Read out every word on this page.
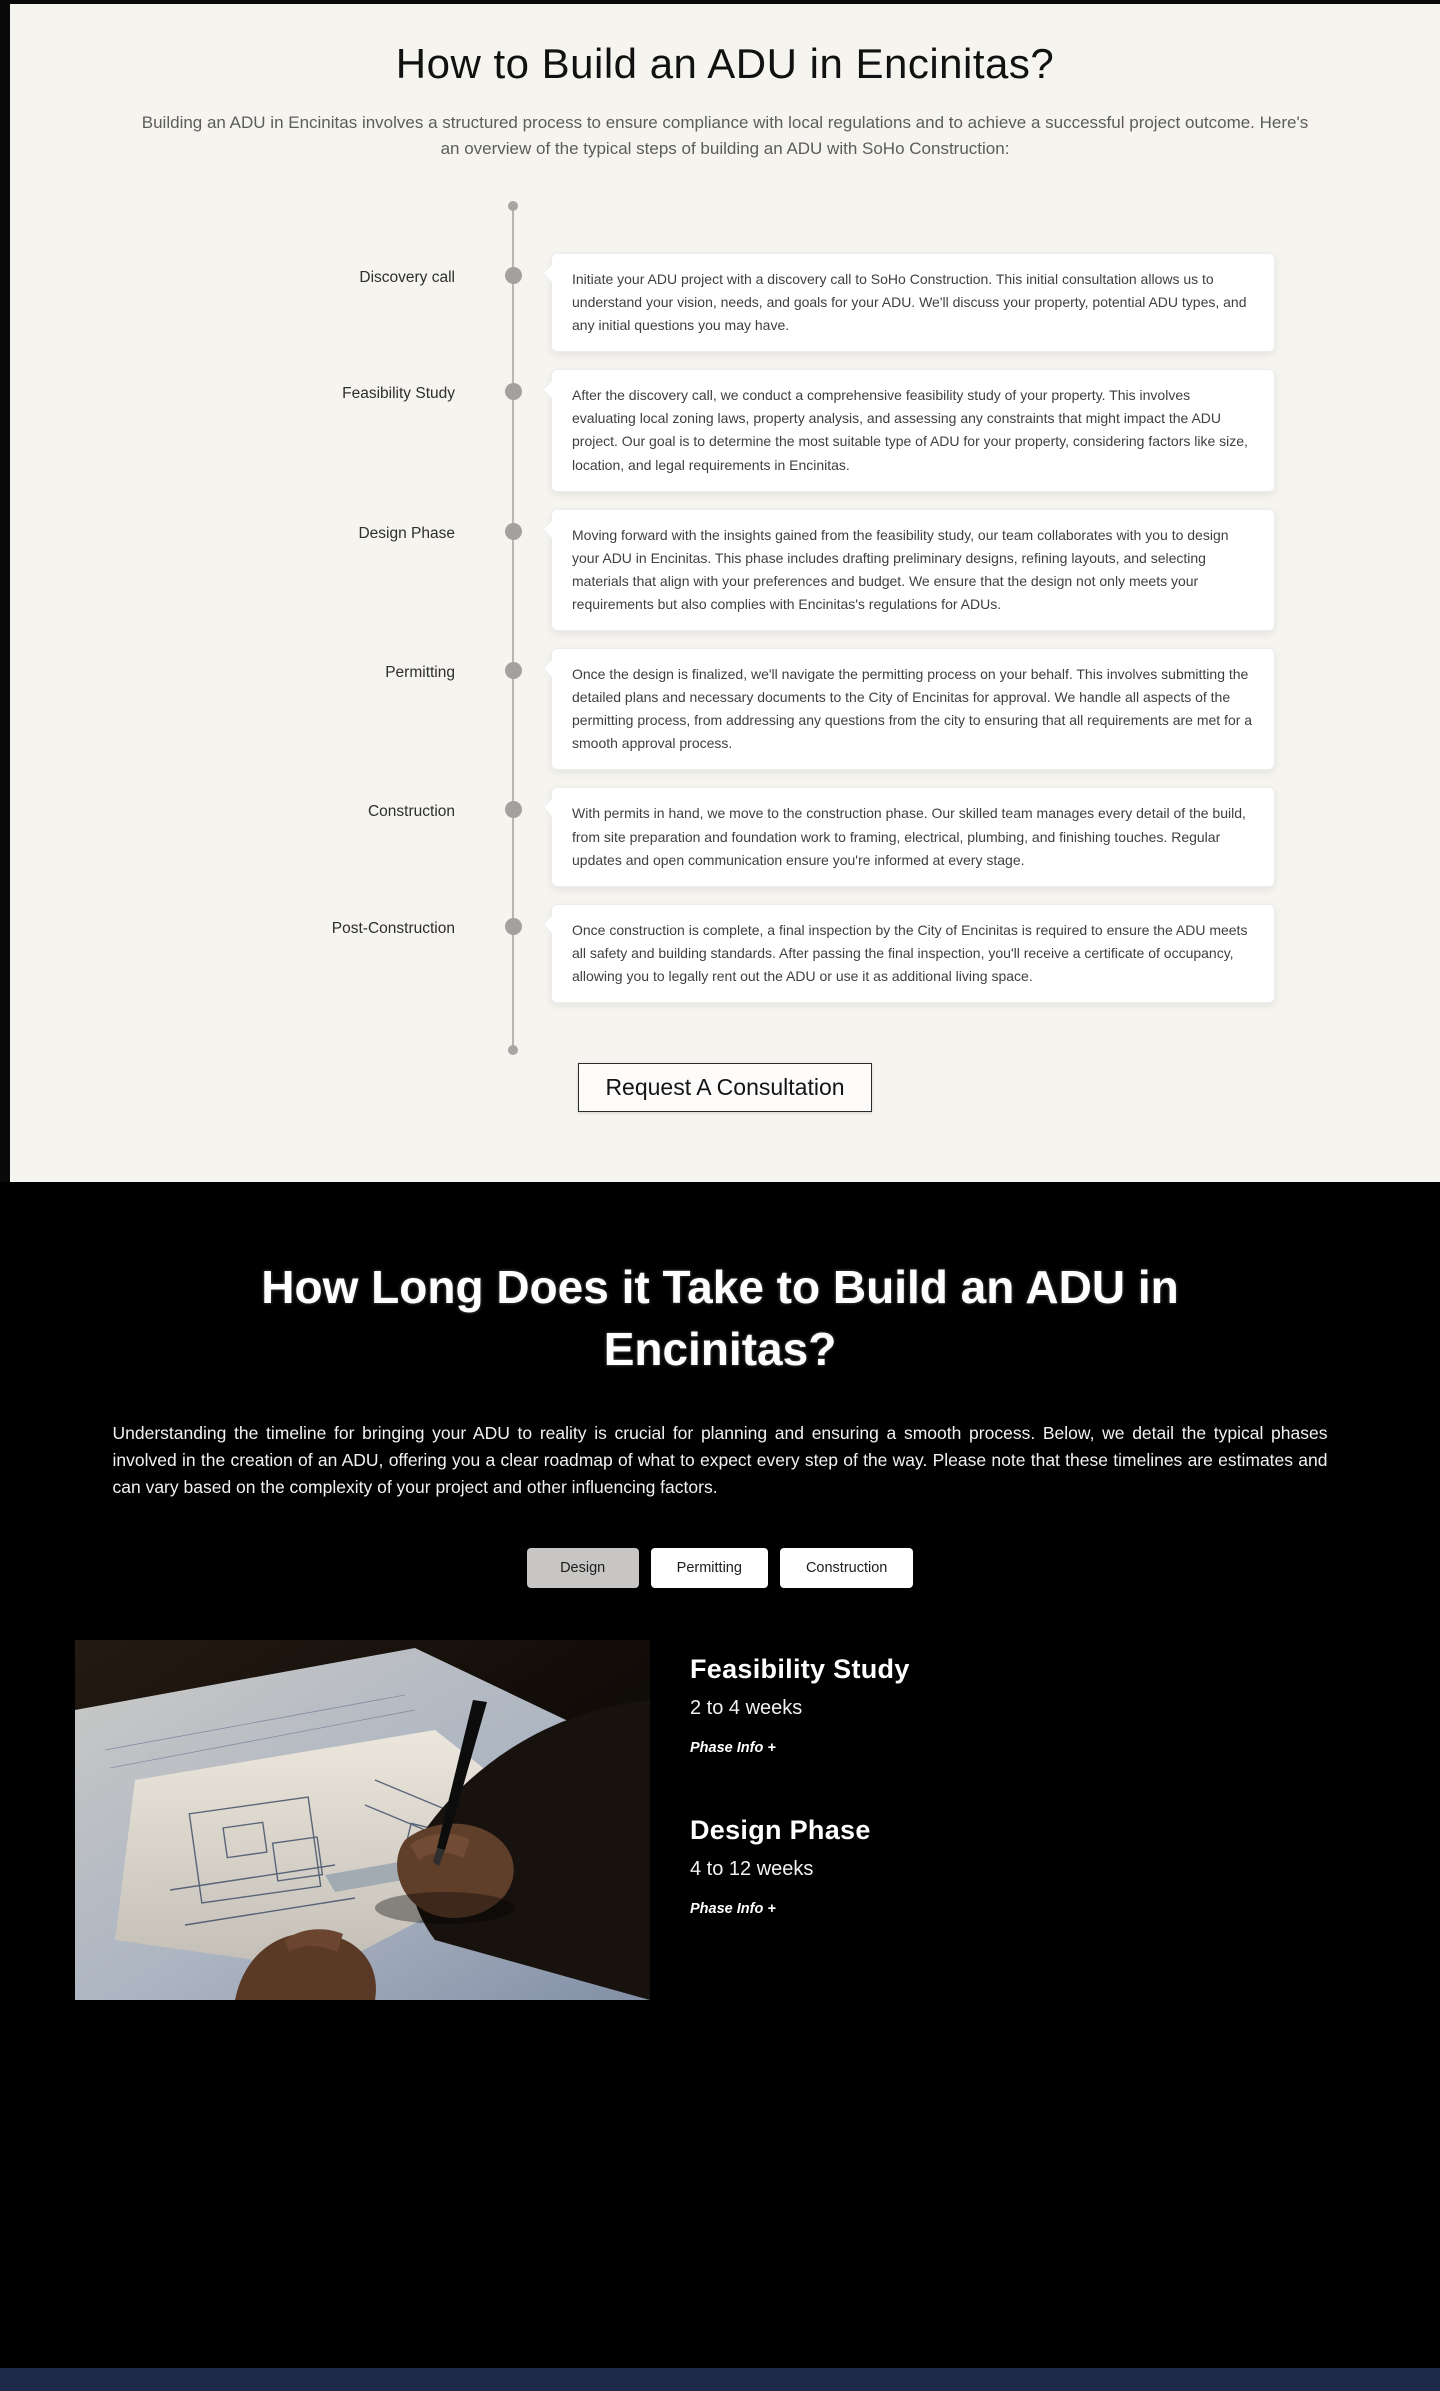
How to Build an ADU in Encinitas?

Building an ADU in Encinitas involves a structured process to ensure compliance with local regulations and to achieve a successful project outcome. Here's an overview of the typical steps of building an ADU with SoHo Construction:

Discovery call	Initiate your ADU project with a discovery call to SoHo Construction. This initial consultation allows us to understand your vision, needs, and goals for your ADU. We'll discuss your property, potential ADU types, and any initial questions you may have.

Feasibility Study	After the discovery call, we conduct a comprehensive feasibility study of your property. This involves evaluating local zoning laws, property analysis, and assessing any constraints that might impact the ADU project. Our goal is to determine the most suitable type of ADU for your property, considering factors like size, location, and legal requirements in Encinitas.

Design Phase	Moving forward with the insights gained from the feasibility study, our team collaborates with you to design your ADU in Encinitas. This phase includes drafting preliminary designs, refining layouts, and selecting materials that align with your preferences and budget. We ensure that the design not only meets your requirements but also complies with Encinitas's regulations for ADUs.

Permitting	Once the design is finalized, we'll navigate the permitting process on your behalf. This involves submitting the detailed plans and necessary documents to the City of Encinitas for approval. We handle all aspects of the permitting process, from addressing any questions from the city to ensuring that all requirements are met for a smooth approval process.

Construction	With permits in hand, we move to the construction phase. Our skilled team manages every detail of the build, from site preparation and foundation work to framing, electrical, plumbing, and finishing touches. Regular updates and open communication ensure you're informed at every stage.

Post-Construction	Once construction is complete, a final inspection by the City of Encinitas is required to ensure the ADU meets all safety and building standards. After passing the final inspection, you'll receive a certificate of occupancy, allowing you to legally rent out the ADU or use it as additional living space.

Request A Consultation
How Long Does it Take to Build an ADU in Encinitas?

Understanding the timeline for bringing your ADU to reality is crucial for planning and ensuring a smooth process. Below, we detail the typical phases involved in the creation of an ADU, offering you a clear roadmap of what to expect every step of the way. Please note that these timelines are estimates and can vary based on the complexity of your project and other influencing factors.

Design	Permitting	Construction
Feasibility Study
2 to 4 weeks
Phase Info +
Design Phase
4 to 12 weeks
Phase Info +
